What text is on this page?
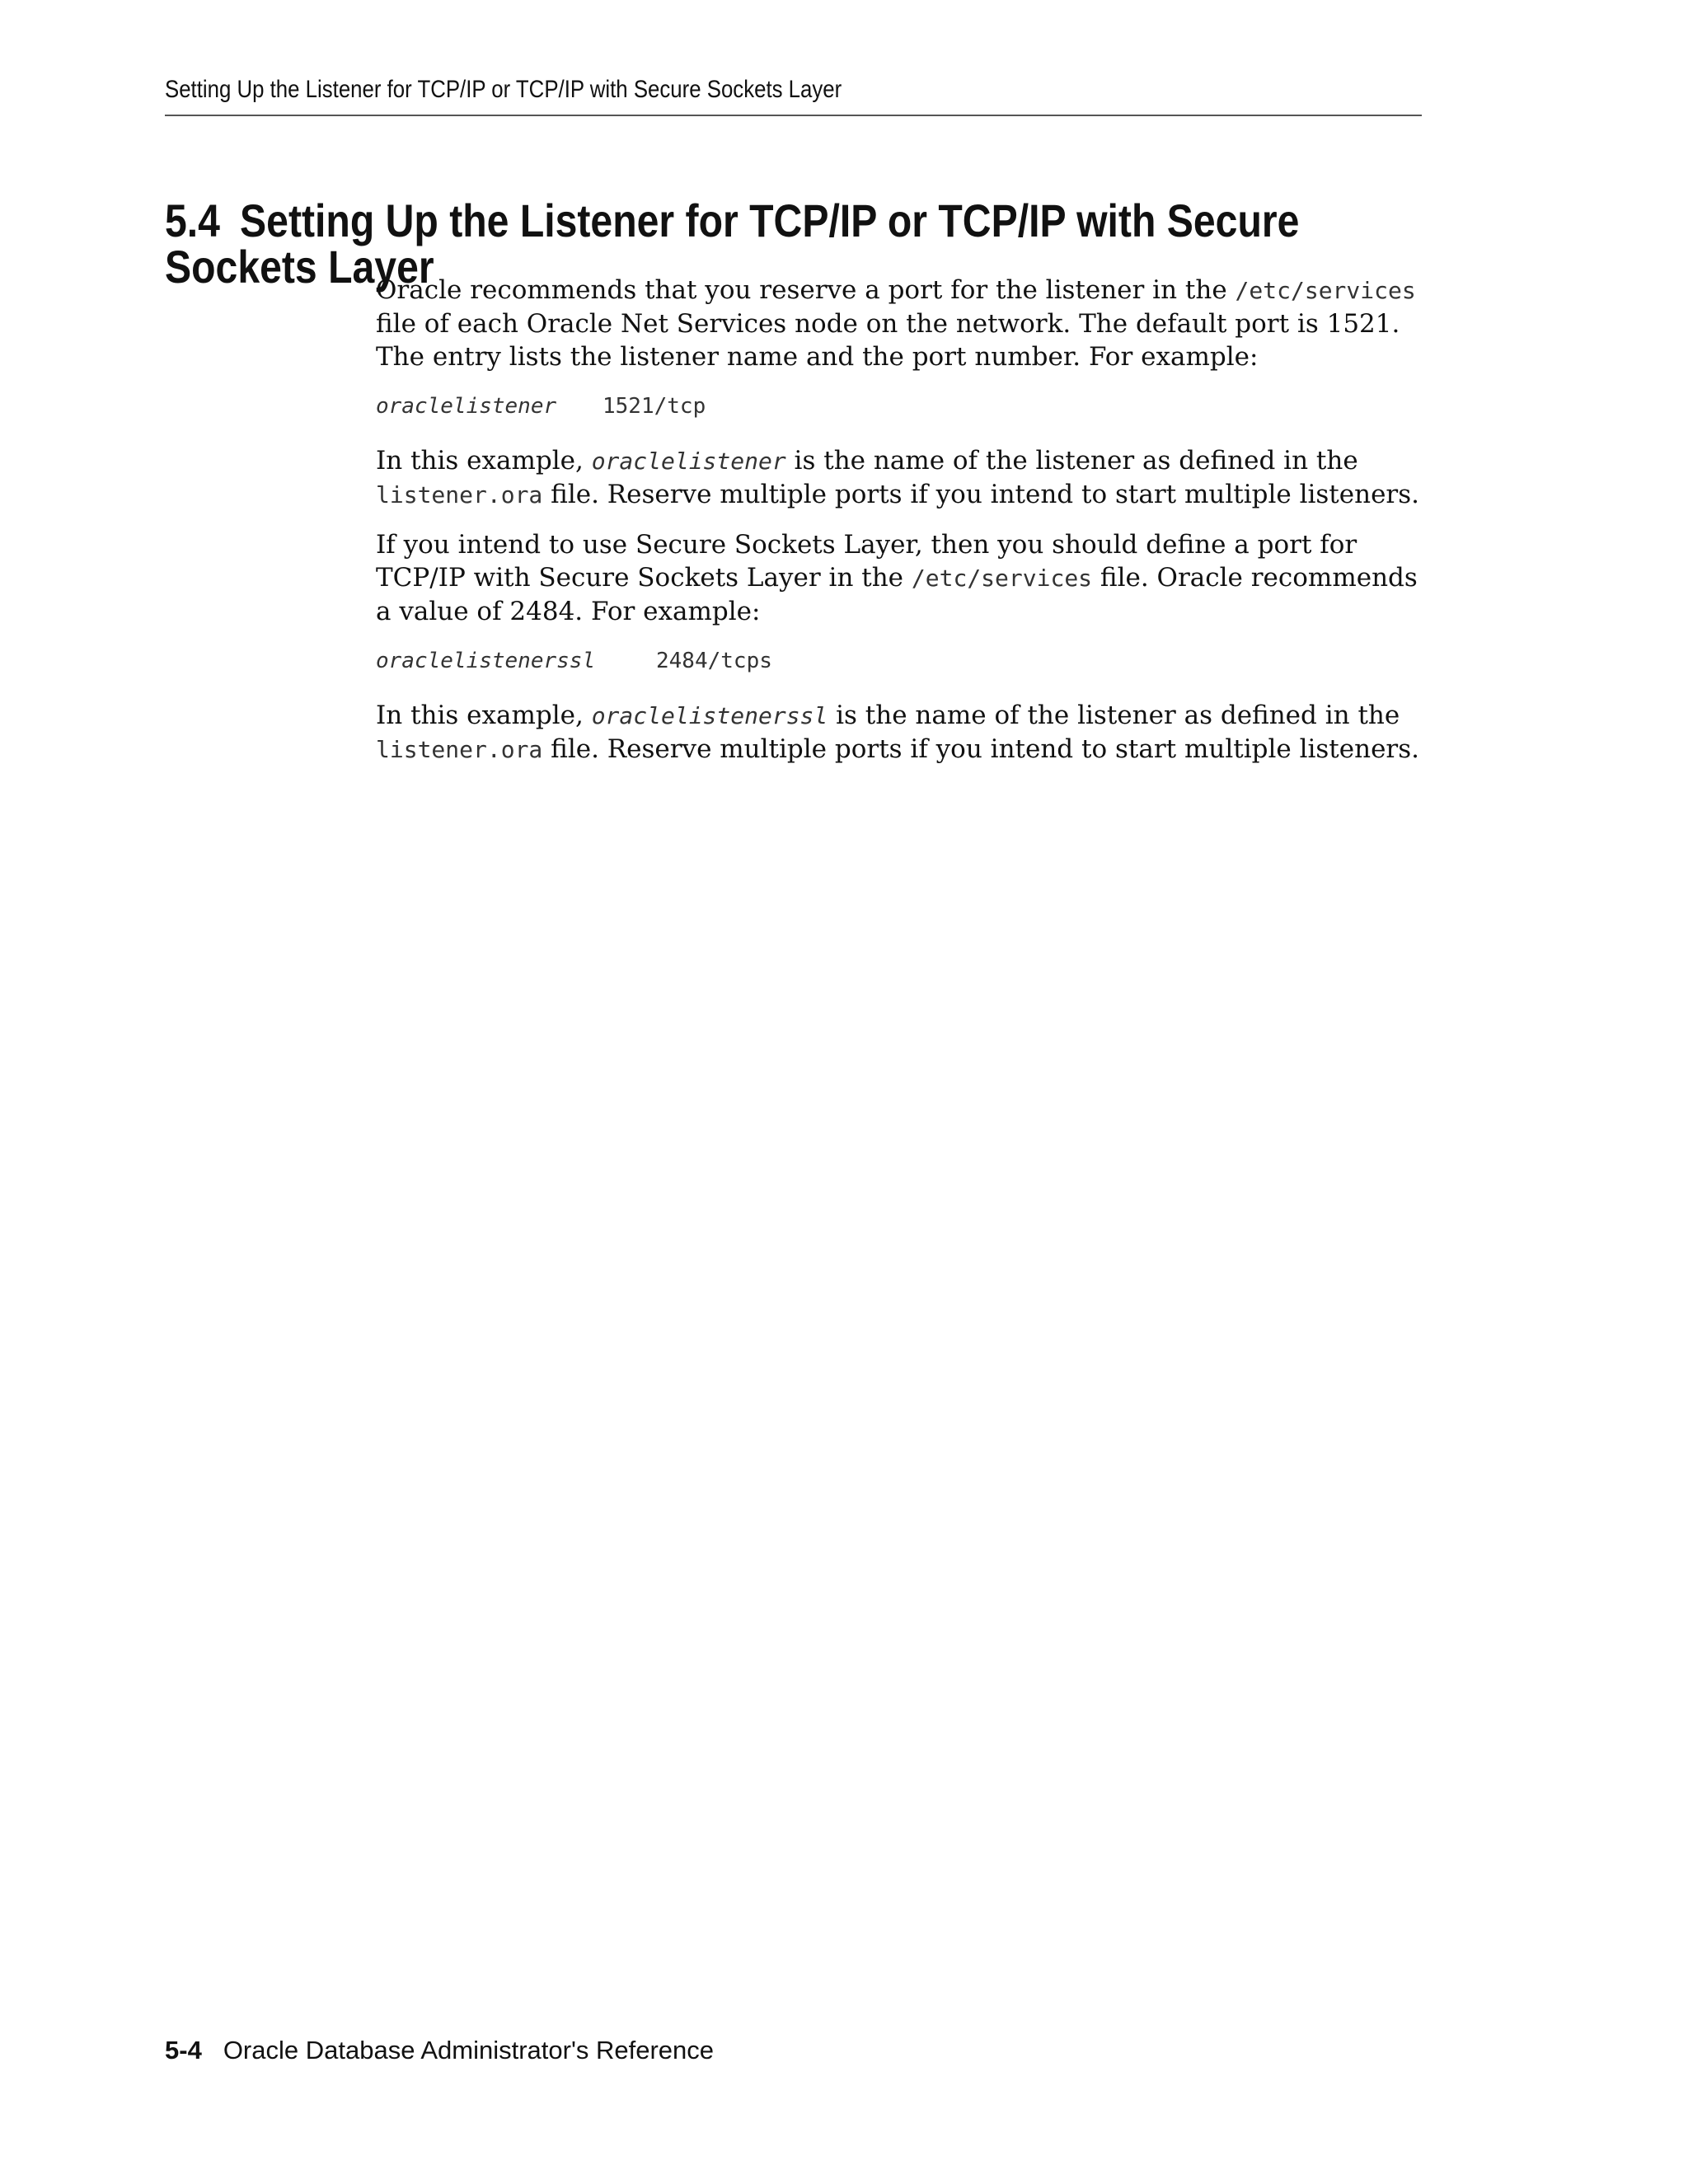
Setting Up the Listener for TCP/IP or TCP/IP with Secure Sockets Layer
5.4 Setting Up the Listener for TCP/IP or TCP/IP with Secure Sockets Layer

Oracle recommends that you reserve a port for the listener in the /etc/services file of each Oracle Net Services node on the network. The default port is 1521. The entry lists the listener name and the port number. For example:

oraclelistener 1521/tcp

In this example, oraclelistener is the name of the listener as defined in the listener.ora file. Reserve multiple ports if you intend to start multiple listeners.

If you intend to use Secure Sockets Layer, then you should define a port for TCP/IP with Secure Sockets Layer in the /etc/services file. Oracle recommends a value of 2484. For example:

oraclelistenerssl	2484/tcps

In this example, oraclelistenerssl is the name of the listener as defined in the listener.ora file. Reserve multiple ports if you intend to start multiple listeners.

5-4 Oracle Database Administrator's Reference
